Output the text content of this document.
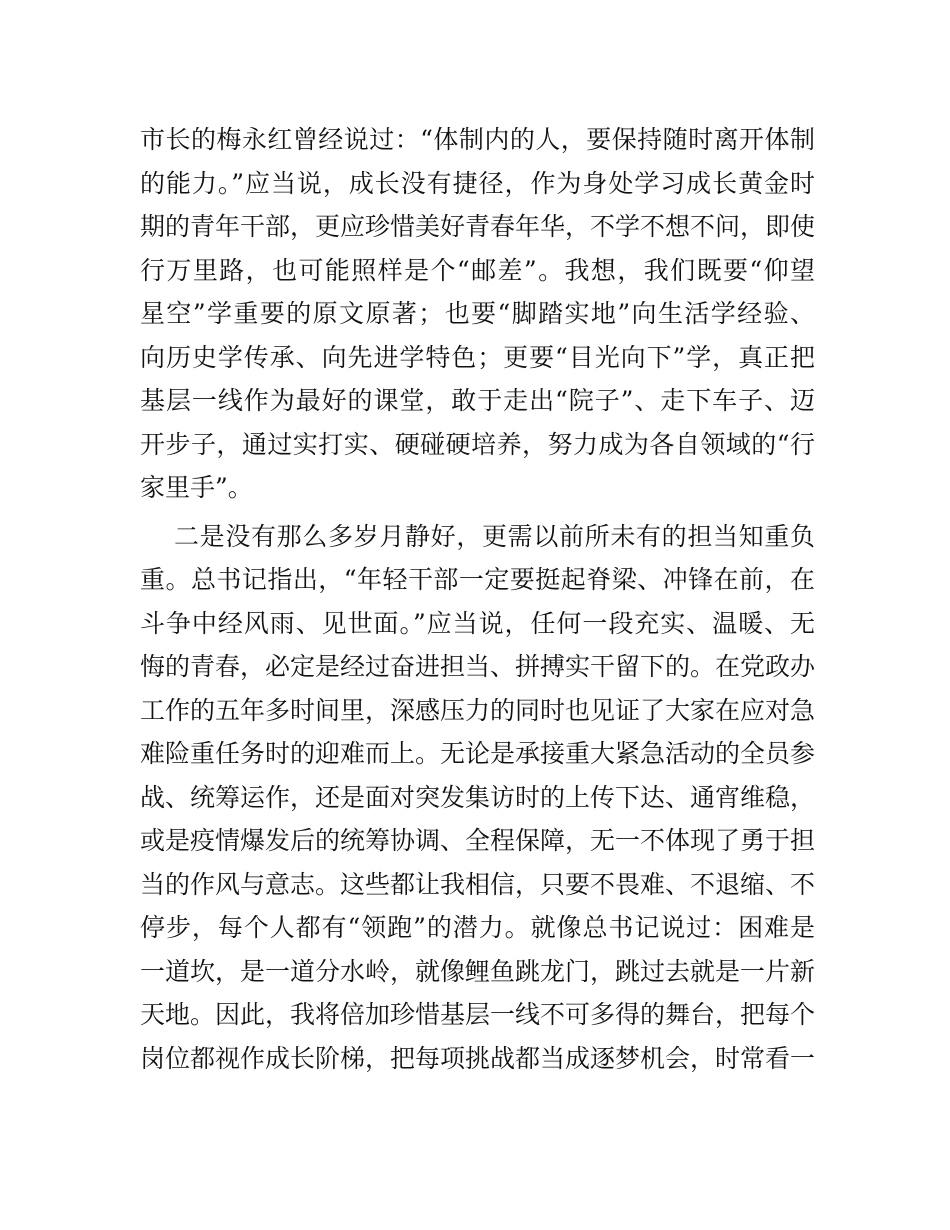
市长的梅永红曾经说过：“体制内的人，要保持随时离开体制
的能力。”应当说，成长没有捷径，作为身处学习成长黄金时
期的青年干部，更应珍惜美好青春年华，不学不想不问，即使
行万里路，也可能照样是个“邮差”。我想，我们既要“仰望
星空”学重要的原文原著；也要“脚踏实地”向生活学经验、
向历史学传承、向先进学特色；更要“目光向下”学，真正把
基层一线作为最好的课堂，敢于走出“院子”、走下车子、迈
开步子，通过实打实、硬碰硬培养，努力成为各自领域的“行
家里手”。
二是没有那么多岁月静好，更需以前所未有的担当知重负
重。总书记指出，“年轻干部一定要挺起脊梁、冲锋在前，在
斗争中经风雨、见世面。”应当说，任何一段充实、温暖、无
悔的青春，必定是经过奋进担当、拼搏实干留下的。在党政办
工作的五年多时间里，深感压力的同时也见证了大家在应对急
难险重任务时的迎难而上。无论是承接重大紧急活动的全员参
战、统筹运作，还是面对突发集访时的上传下达、通宵维稳，
或是疫情爆发后的统筹协调、全程保障，无一不体现了勇于担
当的作风与意志。这些都让我相信，只要不畏难、不退缩、不
停步，每个人都有“领跑”的潜力。就像总书记说过：困难是
一道坎，是一道分水岭，就像鲤鱼跳龙门，跳过去就是一片新
天地。因此，我将倍加珍惜基层一线不可多得的舞台，把每个
岗位都视作成长阶梯，把每项挑战都当成逐梦机会，时常看一
